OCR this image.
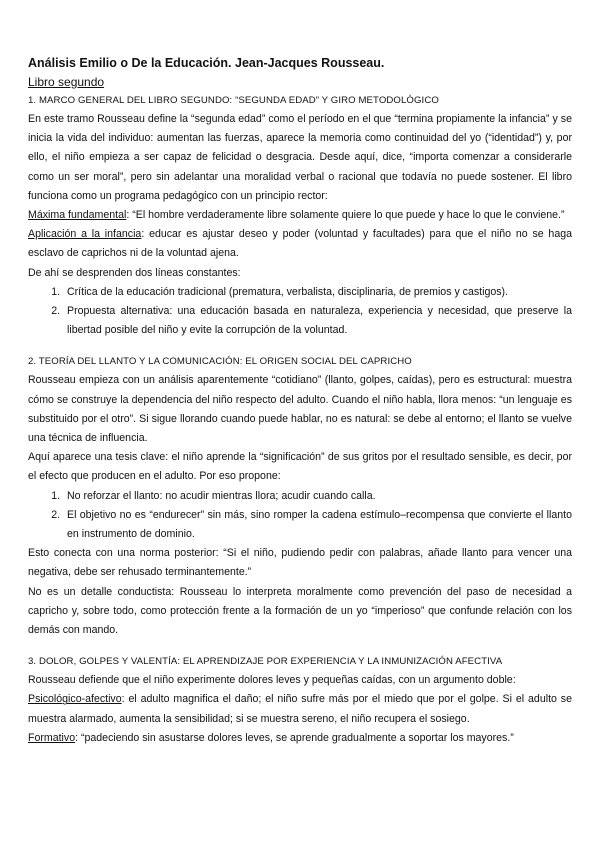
Análisis Emilio o De la Educación. Jean-Jacques Rousseau.
Libro segundo
1. MARCO GENERAL DEL LIBRO SEGUNDO: “SEGUNDA EDAD” Y GIRO METODOLÓGICO

En este tramo Rousseau define la “segunda edad” como el período en el que “termina propiamente la infancia” y se inicia la vida del individuo: aumentan las fuerzas, aparece la memoria como continuidad del yo (“identidad”) y, por ello, el niño empieza a ser capaz de felicidad o desgracia. Desde aquí, dice, “importa comenzar a considerarle como un ser moral”, pero sin adelantar una moralidad verbal o racional que todavía no puede sostener. El libro funciona como un programa pedagógico con un principio rector:

Máxima fundamental: “El hombre verdaderamente libre solamente quiere lo que puede y hace lo que le conviene.”

Aplicación a la infancia: educar es ajustar deseo y poder (voluntad y facultades) para que el niño no se haga esclavo de caprichos ni de la voluntad ajena.

De ahí se desprenden dos líneas constantes:

1. Crítica de la educación tradicional (prematura, verbalista, disciplinaria, de premios y castigos).
2. Propuesta alternativa: una educación basada en naturaleza, experiencia y necesidad, que preserve la libertad posible del niño y evite la corrupción de la voluntad.
2. TEORÍA DEL LLANTO Y LA COMUNICACIÓN: EL ORIGEN SOCIAL DEL CAPRICHO

Rousseau empieza con un análisis aparentemente “cotidiano” (llanto, golpes, caídas), pero es estructural: muestra cómo se construye la dependencia del niño respecto del adulto. Cuando el niño habla, llora menos: “un lenguaje es substituido por el otro”. Si sigue llorando cuando puede hablar, no es natural: se debe al entorno; el llanto se vuelve una técnica de influencia.

Aquí aparece una tesis clave: el niño aprende la “significación” de sus gritos por el resultado sensible, es decir, por el efecto que producen en el adulto. Por eso propone:

1. No reforzar el llanto: no acudir mientras llora; acudir cuando calla.
2. El objetivo no es “endurecer” sin más, sino romper la cadena estímulo–recompensa que convierte el llanto en instrumento de dominio.

Esto conecta con una norma posterior: “Si el niño, pudiendo pedir con palabras, añade llanto para vencer una negativa, debe ser rehusado terminantemente.”

No es un detalle conductista: Rousseau lo interpreta moralmente como prevención del paso de necesidad a capricho y, sobre todo, como protección frente a la formación de un yo “imperioso” que confunde relación con los demás con mando.

3. DOLOR, GOLPES Y VALENTÍA: EL APRENDIZAJE POR EXPERIENCIA Y LA INMUNIZACIÓN AFECTIVA

Rousseau defiende que el niño experimente dolores leves y pequeñas caídas, con un argumento doble:

Psicológico-afectivo: el adulto magnifica el daño; el niño sufre más por el miedo que por el golpe. Si el adulto se muestra alarmado, aumenta la sensibilidad; si se muestra sereno, el niño recupera el sosiego.

Formativo: “padeciendo sin asustarse dolores leves, se aprende gradualmente a soportar los mayores.”
